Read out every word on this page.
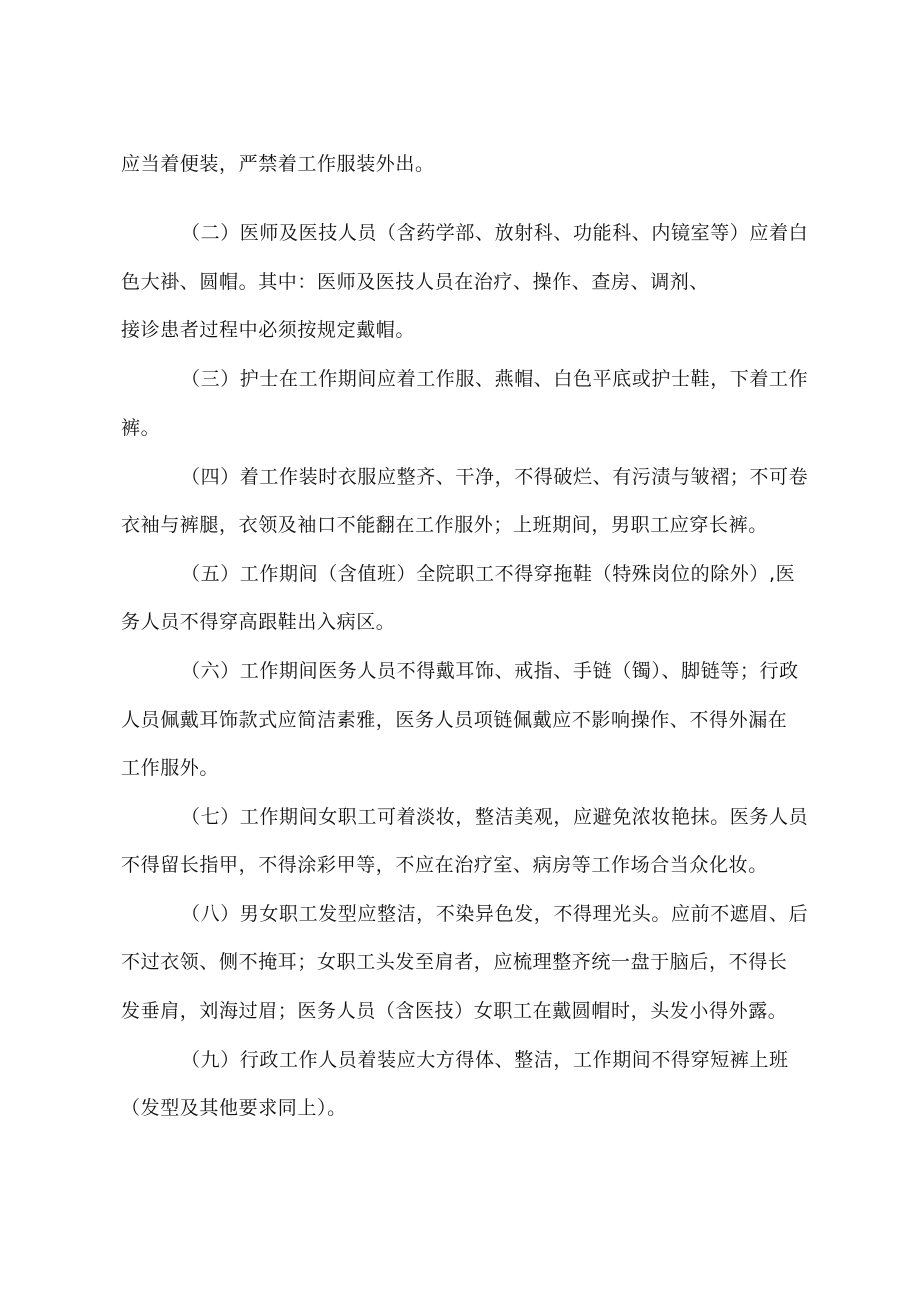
应当着便装，严禁着工作服装外出。
（二）医师及医技人员（含药学部、放射科、功能科、内镜室等）应着白
色大褂、圆帽。其中：医师及医技人员在治疗、操作、查房、调剂、
接诊患者过程中必须按规定戴帽。
（三）护士在工作期间应着工作服、燕帽、白色平底或护士鞋，下着工作
裤。
（四）着工作装时衣服应整齐、干净，不得破烂、有污渍与皱褶；不可卷
衣袖与裤腿，衣领及袖口不能翻在工作服外；上班期间，男职工应穿长裤。
（五）工作期间（含值班）全院职工不得穿拖鞋（特殊岗位的除外）,医
务人员不得穿高跟鞋出入病区。
（六）工作期间医务人员不得戴耳饰、戒指、手链（镯）、脚链等；行政
人员佩戴耳饰款式应简洁素雅，医务人员项链佩戴应不影响操作、不得外漏在
工作服外。
（七）工作期间女职工可着淡妆，整洁美观，应避免浓妆艳抹。医务人员
不得留长指甲，不得涂彩甲等，不应在治疗室、病房等工作场合当众化妆。
（八）男女职工发型应整洁，不染异色发，不得理光头。应前不遮眉、后
不过衣领、侧不掩耳；女职工头发至肩者，应梳理整齐统一盘于脑后，不得长
发垂肩，刘海过眉；医务人员（含医技）女职工在戴圆帽时，头发小得外露。
（九）行政工作人员着装应大方得体、整洁，工作期间不得穿短裤上班
（发型及其他要求同上）。
